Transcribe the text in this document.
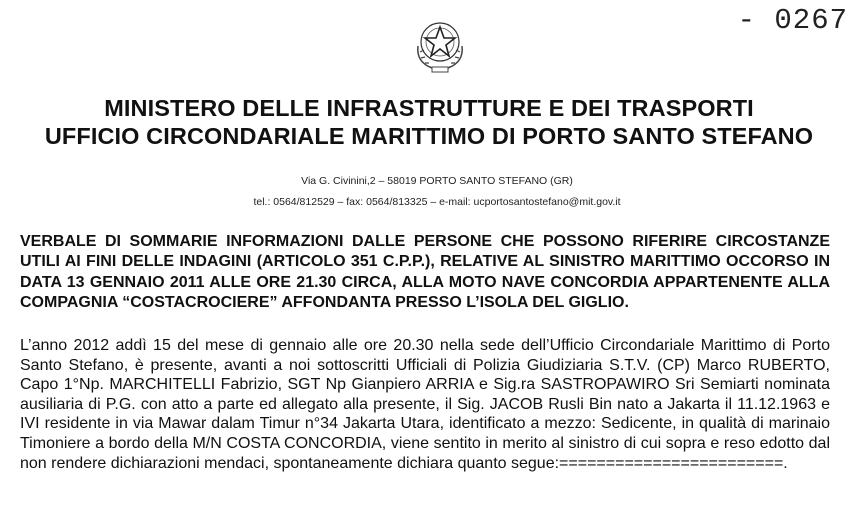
- 0267
MINISTERO DELLE INFRASTRUTTURE E DEI TRASPORTI
UFFICIO CIRCONDARIALE MARITTIMO DI PORTO SANTO STEFANO
Via G. Civinini,2 – 58019 PORTO SANTO STEFANO (GR)
tel.: 0564/812529 – fax: 0564/813325 – e-mail: ucportosantostefano@mit.gov.it
VERBALE DI SOMMARIE INFORMAZIONI DALLE PERSONE CHE POSSONO RIFERIRE CIRCOSTANZE UTILI AI FINI DELLE INDAGINI (ARTICOLO 351 C.P.P.), RELATIVE AL SINISTRO MARITTIMO OCCORSO IN DATA 13 GENNAIO 2011 ALLE ORE 21.30 CIRCA, ALLA MOTO NAVE CONCORDIA APPARTENENTE ALLA COMPAGNIA “COSTACROCIERE” AFFONDANTA PRESSO L’ISOLA DEL GIGLIO.
L’anno 2012 addì 15 del mese di gennaio alle ore 20.30 nella sede dell’Ufficio Circondariale Marittimo di Porto Santo Stefano, è presente, avanti a noi sottoscritti Ufficiali di Polizia Giudiziaria S.T.V. (CP) Marco RUBERTO, Capo 1°Np. MARCHITELLI Fabrizio, SGT Np Gianpiero ARRIA e Sig.ra SASTROPAWIRO Sri Semiarti nominata ausiliaria di P.G. con atto a parte ed allegato alla presente, il Sig. JACOB Rusli Bin nato a Jakarta il 11.12.1963 e IVI residente in via Mawar dalam Timur n°34 Jakarta Utara, identificato a mezzo: Sedicente, in qualità di marinaio Timoniere a bordo della M/N COSTA CONCORDIA, viene sentito in merito al sinistro di cui sopra e reso edotto dal non rendere dichiarazioni mendaci, spontaneamente dichiara quanto segue:========================.
